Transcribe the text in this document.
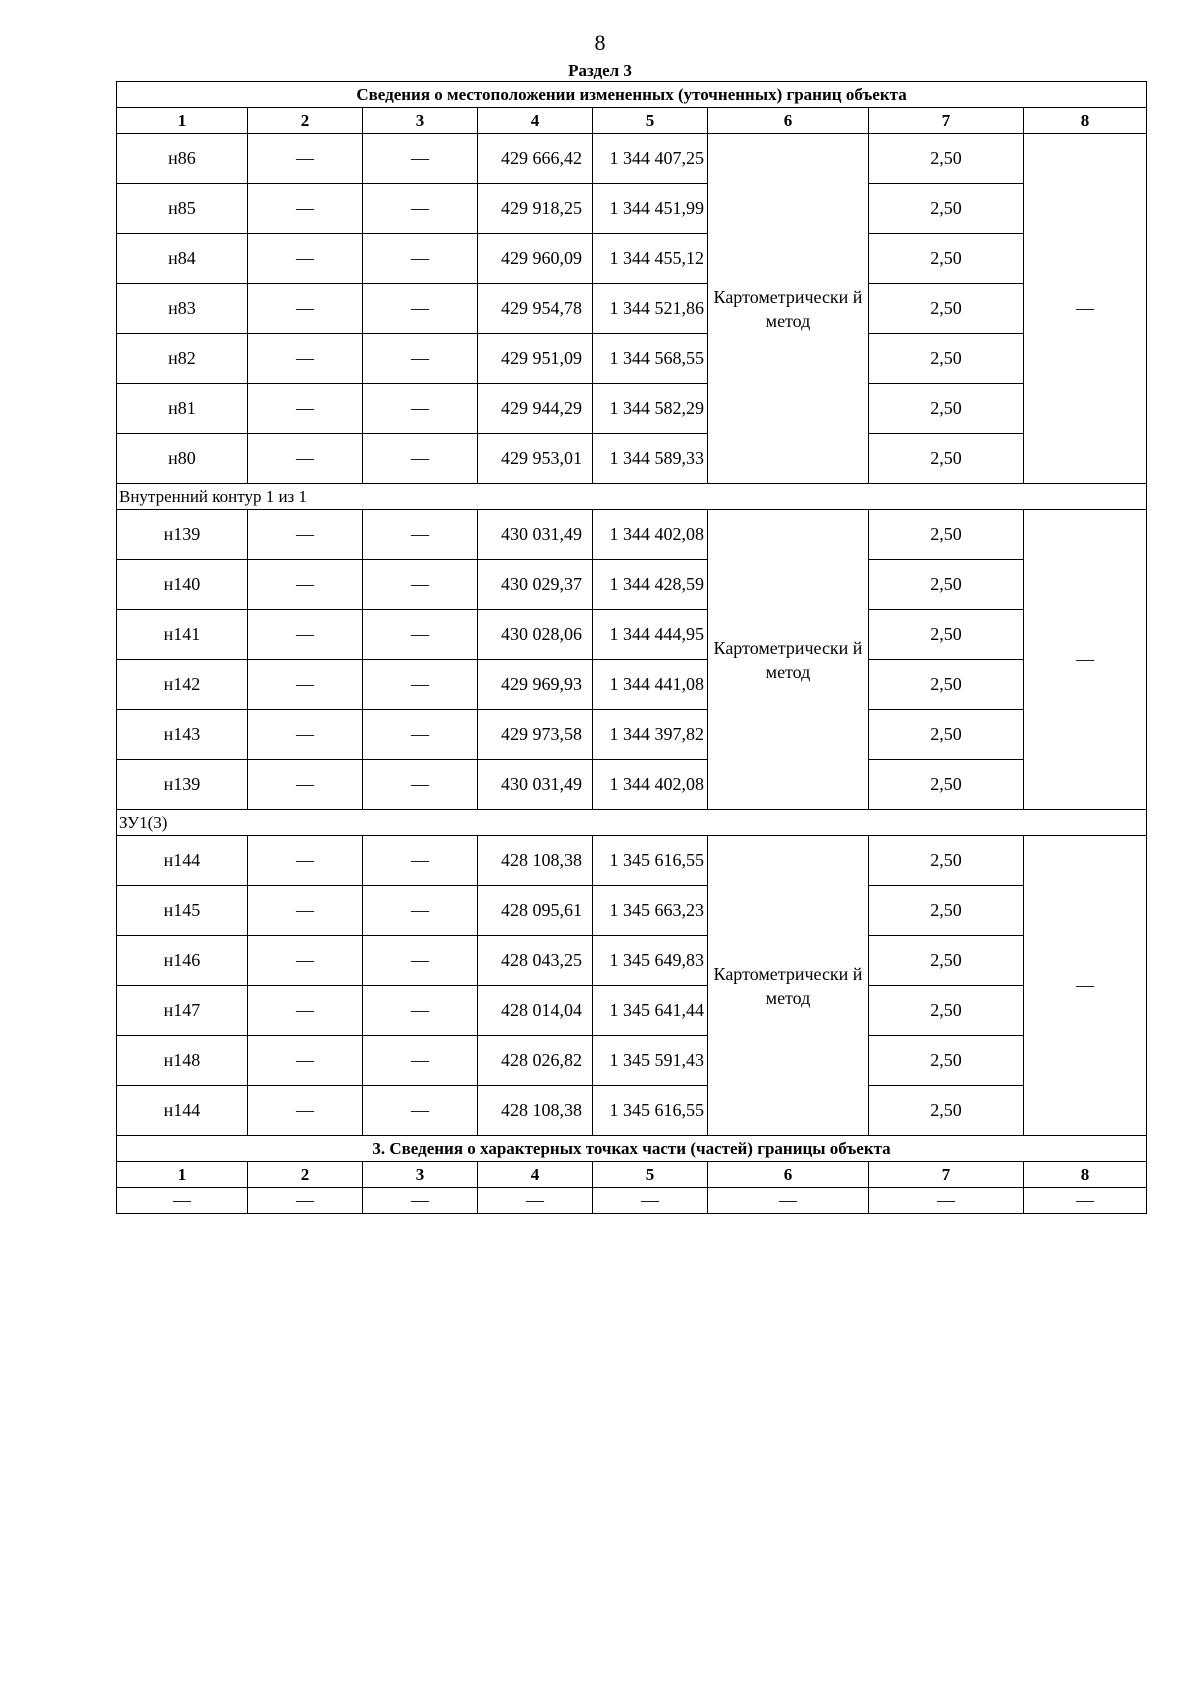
8
Раздел 3
Сведения о местоположении измененных (уточненных) границ объекта							
1	2	3	4	5	6	7	8
н86	—	—	429 666,42	1 344 407,25	Картометрически й метод	2,50	—
н85	—	—	429 918,25	1 344 451,99		2,50	
н84	—	—	429 960,09	1 344 455,12		2,50	
н83	—	—	429 954,78	1 344 521,86		2,50	
н82	—	—	429 951,09	1 344 568,55		2,50	
н81	—	—	429 944,29	1 344 582,29		2,50	
н80	—	—	429 953,01	1 344 589,33		2,50	
Внутренний контур 1 из 1							
н139	—	—	430 031,49	1 344 402,08	Картометрически й метод	2,50	—
н140	—	—	430 029,37	1 344 428,59		2,50	
н141	—	—	430 028,06	1 344 444,95		2,50	
н142	—	—	429 969,93	1 344 441,08		2,50	
н143	—	—	429 973,58	1 344 397,82		2,50	
н139	—	—	430 031,49	1 344 402,08		2,50	
ЗУ1(3)							
н144	—	—	428 108,38	1 345 616,55	Картометрически й метод	2,50	—
н145	—	—	428 095,61	1 345 663,23		2,50	
н146	—	—	428 043,25	1 345 649,83		2,50	
н147	—	—	428 014,04	1 345 641,44		2,50	
н148	—	—	428 026,82	1 345 591,43		2,50	
н144	—	—	428 108,38	1 345 616,55		2,50	
3. Сведения о характерных точках части (частей) границы объекта							
1	2	3	4	5	6	7	8
—	—	—	—	—	—	—	—
